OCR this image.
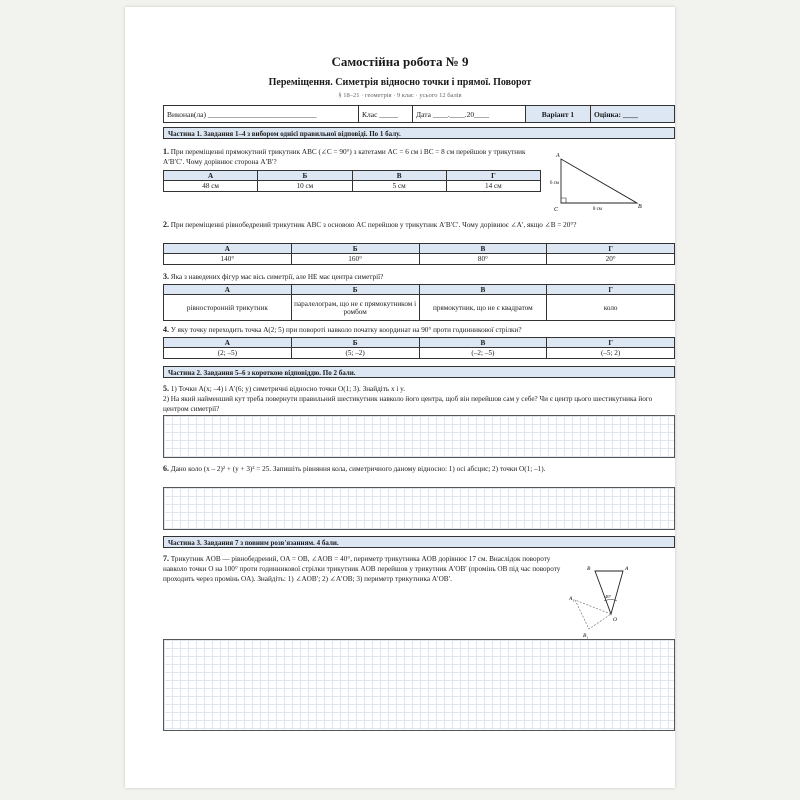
Самостійна робота № 9
Переміщення. Симетрія відносно точки і прямої. Поворот
§ 18–21 · геометрія · 9 клас · усього 12 балів
Виконав(ла) _____________________________	Клас _____	Дата ____.____.20____	Варіант 1	Оцінка: ____
Частина 1. Завдання 1–4 з вибором однієї правильної відповіді. По 1 балу.
1. При переміщенні прямокутний трикутник ABC (∠C = 90°) з катетами AC = 6 см і BC = 8 см перейшов у трикутник A′B′C′. Чому дорівнює сторона A′B′?
А	Б	В	Г
48 см	10 см	5 см	14 см
A
C	B
6 см
8 см
2. При переміщенні рівнобедрений трикутник ABC з основою AC перейшов у трикутник A′B′C′. Чому дорівнює ∠A′, якщо ∠B = 20°?
А	Б	В	Г
140°	160°	80°	20°
3. Яка з наведених фігур має вісь симетрії, але НЕ має центра симетрії?
А	Б	В	Г
рівносторонній трикутник	паралелограм, що не є прямокутником і ромбом	прямокутник, що не є квадратом	коло
4. У яку точку переходить точка A(2; 5) при повороті навколо початку координат на 90° проти годинникової стрілки?
А	Б	В	Г
(2; –5)	(5; –2)	(–2; –5)	(–5; 2)
Частина 2. Завдання 5–6 з короткою відповіддю. По 2 бали.
5. 1) Точки A(x; –4) і A′(6; y) симетричні відносно точки O(1; 3). Знайдіть x і y.
2) На який найменший кут треба повернути правильний шестикутник навколо його центра, щоб він перейшов сам у себе? Чи є центр цього шестикутника його центром симетрії?
6. Дано коло (x – 2)² + (y + 3)² = 25. Запишіть рівняння кола, симетричного даному відносно: 1) осі абсцис; 2) точки O(1; –1).
Частина 3. Завдання 7 з повним розв'язанням. 4 бали.
7. Трикутник AOB — рівнобедрений, OA = OB, ∠AOB = 40°, периметр трикутника AOB дорівнює 17 см. Внаслідок повороту навколо точки O на 100° проти годинникової стрілки трикутник AOB перейшов у трикутник A′OB′ (промінь OB під час повороту проходить через промінь OA). Знайдіть: 1) ∠AOB′; 2) ∠A′OB; 3) периметр трикутника A′OB′.
40°
B	A
O
$A_1$
$B_1$
